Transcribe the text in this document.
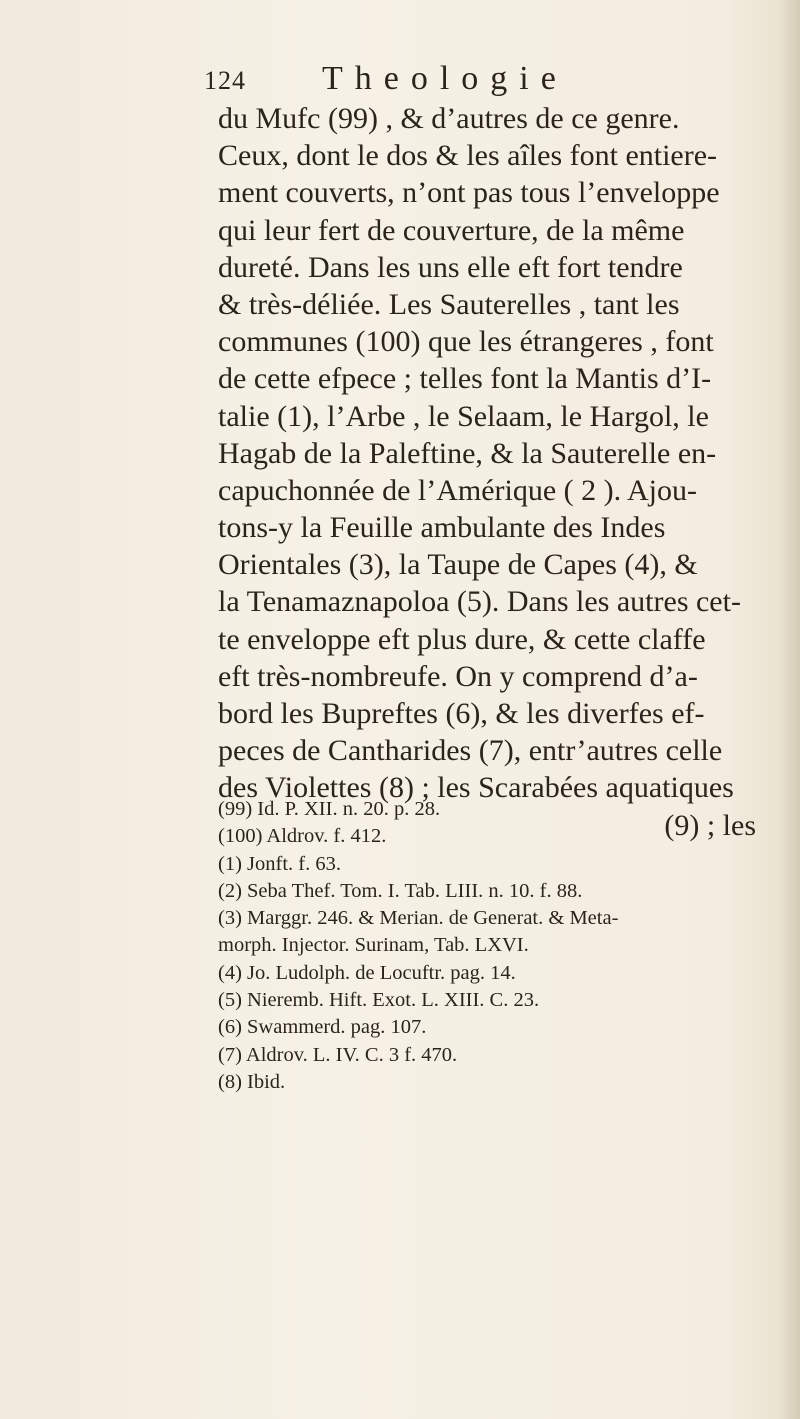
124 Theologie
du Mufc (99) , & d’autres de ce genre.
Ceux, dont le dos & les aîles font entiere-
ment couverts, n’ont pas tous l’enveloppe
qui leur fert de couverture, de la même
dureté. Dans les uns elle eft fort tendre
& très-déliée. Les Sauterelles , tant les
communes (100) que les étrangeres , font
de cette efpece ; telles font la Mantis d’I-
talie (1), l’Arbe , le Selaam, le Hargol, le
Hagab de la Paleftine, & la Sauterelle en-
capuchonnée de l’Amérique ( 2 ). Ajou-
tons-y la Feuille ambulante des Indes
Orientales (3), la Taupe de Capes (4), &
la Tenamaznapoloa (5). Dans les autres cet-
te enveloppe eft plus dure, & cette claffe
eft très-nombreufe. On y comprend d’a-
bord les Bupreftes (6), & les diverfes ef-
peces de Cantharides (7), entr’autres celle
des Violettes (8) ; les Scarabées aquatiques
(9) ; les
(99) Id. P. XII. n. 20. p. 28.
(100) Aldrov. f. 412.
(1) Jonft. f. 63.
(2) Seba Thef. Tom. I. Tab. LIII. n. 10. f. 88.
(3) Marggr. 246. & Merian. de Generat. & Meta-
morph. Injector. Surinam, Tab. LXVI.
(4) Jo. Ludolph. de Locuftr. pag. 14.
(5) Nieremb. Hift. Exot. L. XIII. C. 23.
(6) Swammerd. pag. 107.
(7) Aldrov. L. IV. C. 3 f. 470.
(8) Ibid.
